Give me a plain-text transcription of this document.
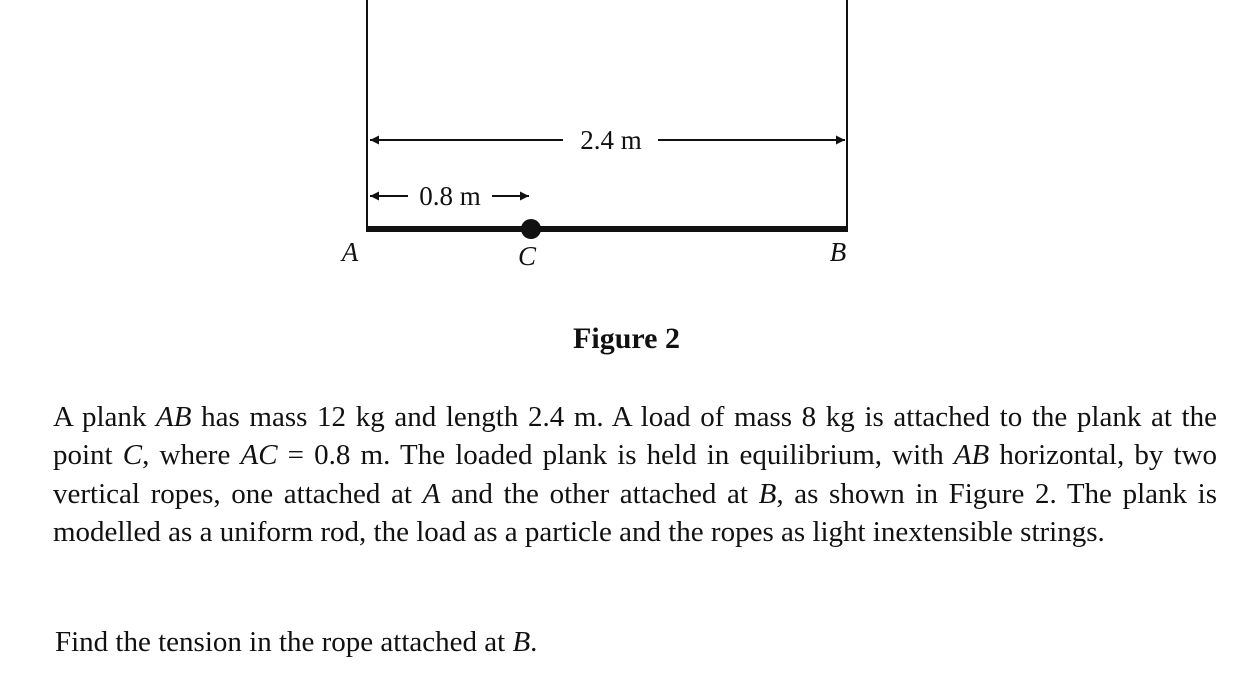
2.4 m
0.8 m
A	C	B
Figure 2

A plank AB has mass 12 kg and length 2.4 m. A load of mass 8 kg is attached to the plank at the point C, where AC = 0.8 m. The loaded plank is held in equilibrium, with AB horizontal, by two vertical ropes, one attached at A and the other attached at B, as shown in Figure 2. The plank is modelled as a uniform rod, the load as a particle and the ropes as light inextensible strings.

Find the tension in the rope attached at B.
